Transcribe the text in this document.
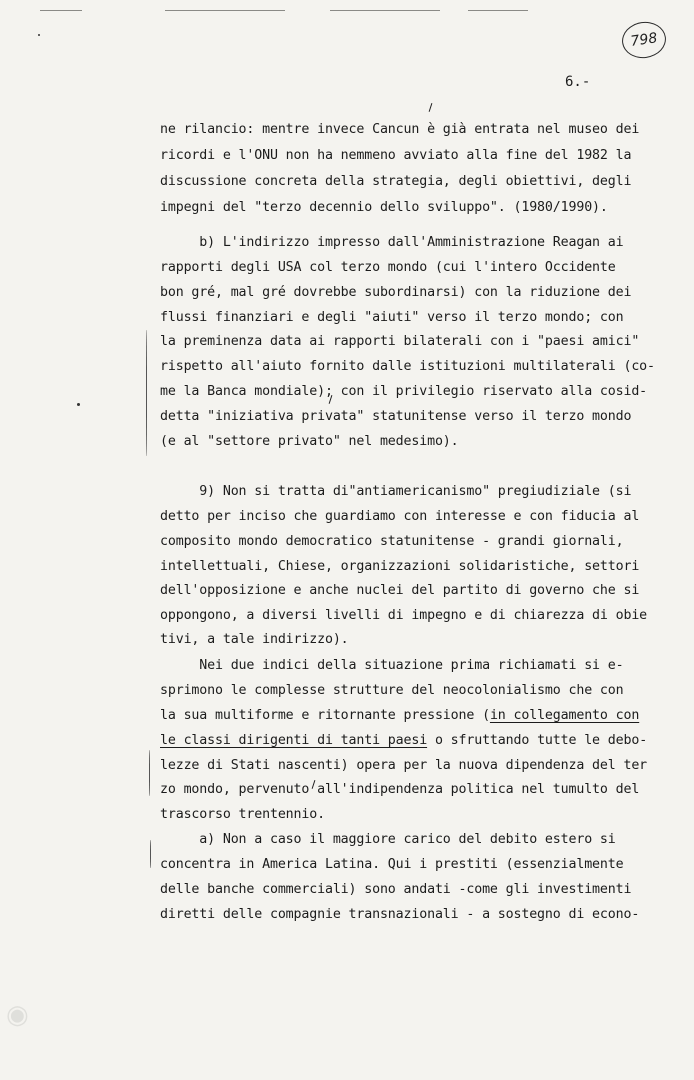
798
6.-
ne rilancio: mentre invece Cancun è già entrata nel museo dei
ricordi e l'ONU non ha nemmeno avviato alla fine del 1982 la
discussione concreta della strategia, degli obiettivi, degli
impegni del "terzo decennio dello sviluppo". (1980/1990).
b) L'indirizzo impresso dall'Amministrazione Reagan ai
rapporti degli USA col terzo mondo (cui l'intero Occidente
bon gré, mal gré dovrebbe subordinarsi) con la riduzione dei
flussi finanziari e degli "aiuti" verso il terzo mondo; con
la preminenza data ai rapporti bilaterali con i "paesi amici"
rispetto all'aiuto fornito dalle istituzioni multilaterali (co-
me la Banca mondiale); con il privilegio riservato alla cosid-
detta "iniziativa privata" statunitense verso il terzo mondo
(e al "settore privato" nel medesimo).
9) Non si tratta di"antiamericanismo" pregiudiziale (si
detto per inciso che guardiamo con interesse e con fiducia al
composito mondo democratico statunitense - grandi giornali,
intellettuali, Chiese, organizzazioni solidaristiche, settori
dell'opposizione e anche nuclei del partito di governo che si
oppongono, a diversi livelli di impegno e di chiarezza di obie
tivi, a tale indirizzo).
Nei due indici della situazione prima richiamati si e-
sprimono le complesse strutture del neocolonialismo che con
la sua multiforme e ritornante pressione (in collegamento con
le classi dirigenti di tanti paesi o sfruttando tutte le debo-
lezze di Stati nascenti) opera per la nuova dipendenza del ter
zo mondo, pervenuto all'indipendenza politica nel tumulto del
trascorso trentennio.
a) Non a caso il maggiore carico del debito estero si
concentra in America Latina. Qui i prestiti (essenzialmente
delle banche commerciali) sono andati -come gli investimenti
diretti delle compagnie transnazionali - a sostegno di econo-
◉
